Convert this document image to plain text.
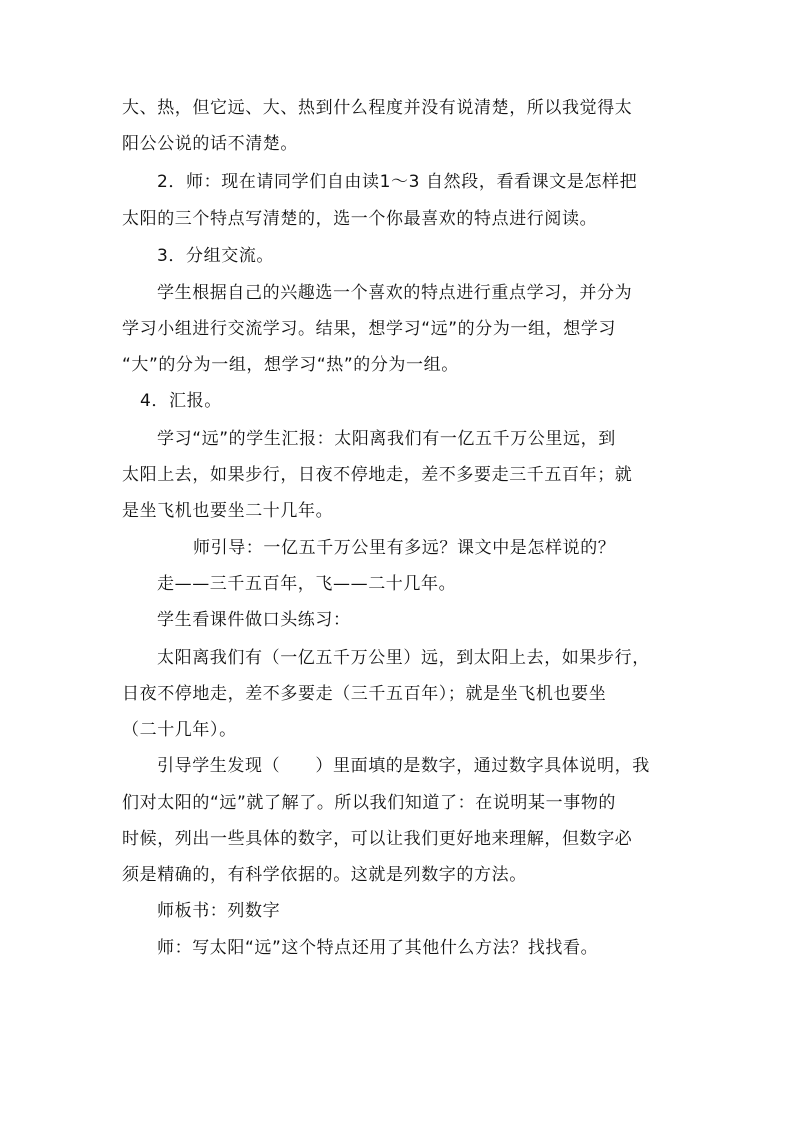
大、热，但它远、大、热到什么程度并没有说清楚，所以我觉得太
阳公公说的话不清楚。
2．师：现在请同学们自由读1～3 自然段，看看课文是怎样把
太阳的三个特点写清楚的，选一个你最喜欢的特点进行阅读。
3．分组交流。
学生根据自己的兴趣选一个喜欢的特点进行重点学习，并分为
学习小组进行交流学习。结果，想学习“远”的分为一组，想学习
“大”的分为一组，想学习“热”的分为一组。
4．汇报。
学习“远”的学生汇报：太阳离我们有一亿五千万公里远，到
太阳上去，如果步行，日夜不停地走，差不多要走三千五百年；就
是坐飞机也要坐二十几年。
师引导：一亿五千万公里有多远？课文中是怎样说的？
走——三千五百年，飞——二十几年。
学生看课件做口头练习：
太阳离我们有（一亿五千万公里）远，到太阳上去，如果步行，
日夜不停地走，差不多要走（三千五百年）；就是坐飞机也要坐
（二十几年）。
引导学生发现（　　）里面填的是数字，通过数字具体说明，我
们对太阳的“远”就了解了。所以我们知道了：在说明某一事物的
时候，列出一些具体的数字，可以让我们更好地来理解，但数字必
须是精确的，有科学依据的。这就是列数字的方法。
师板书：列数字
师：写太阳“远”这个特点还用了其他什么方法？找找看。
